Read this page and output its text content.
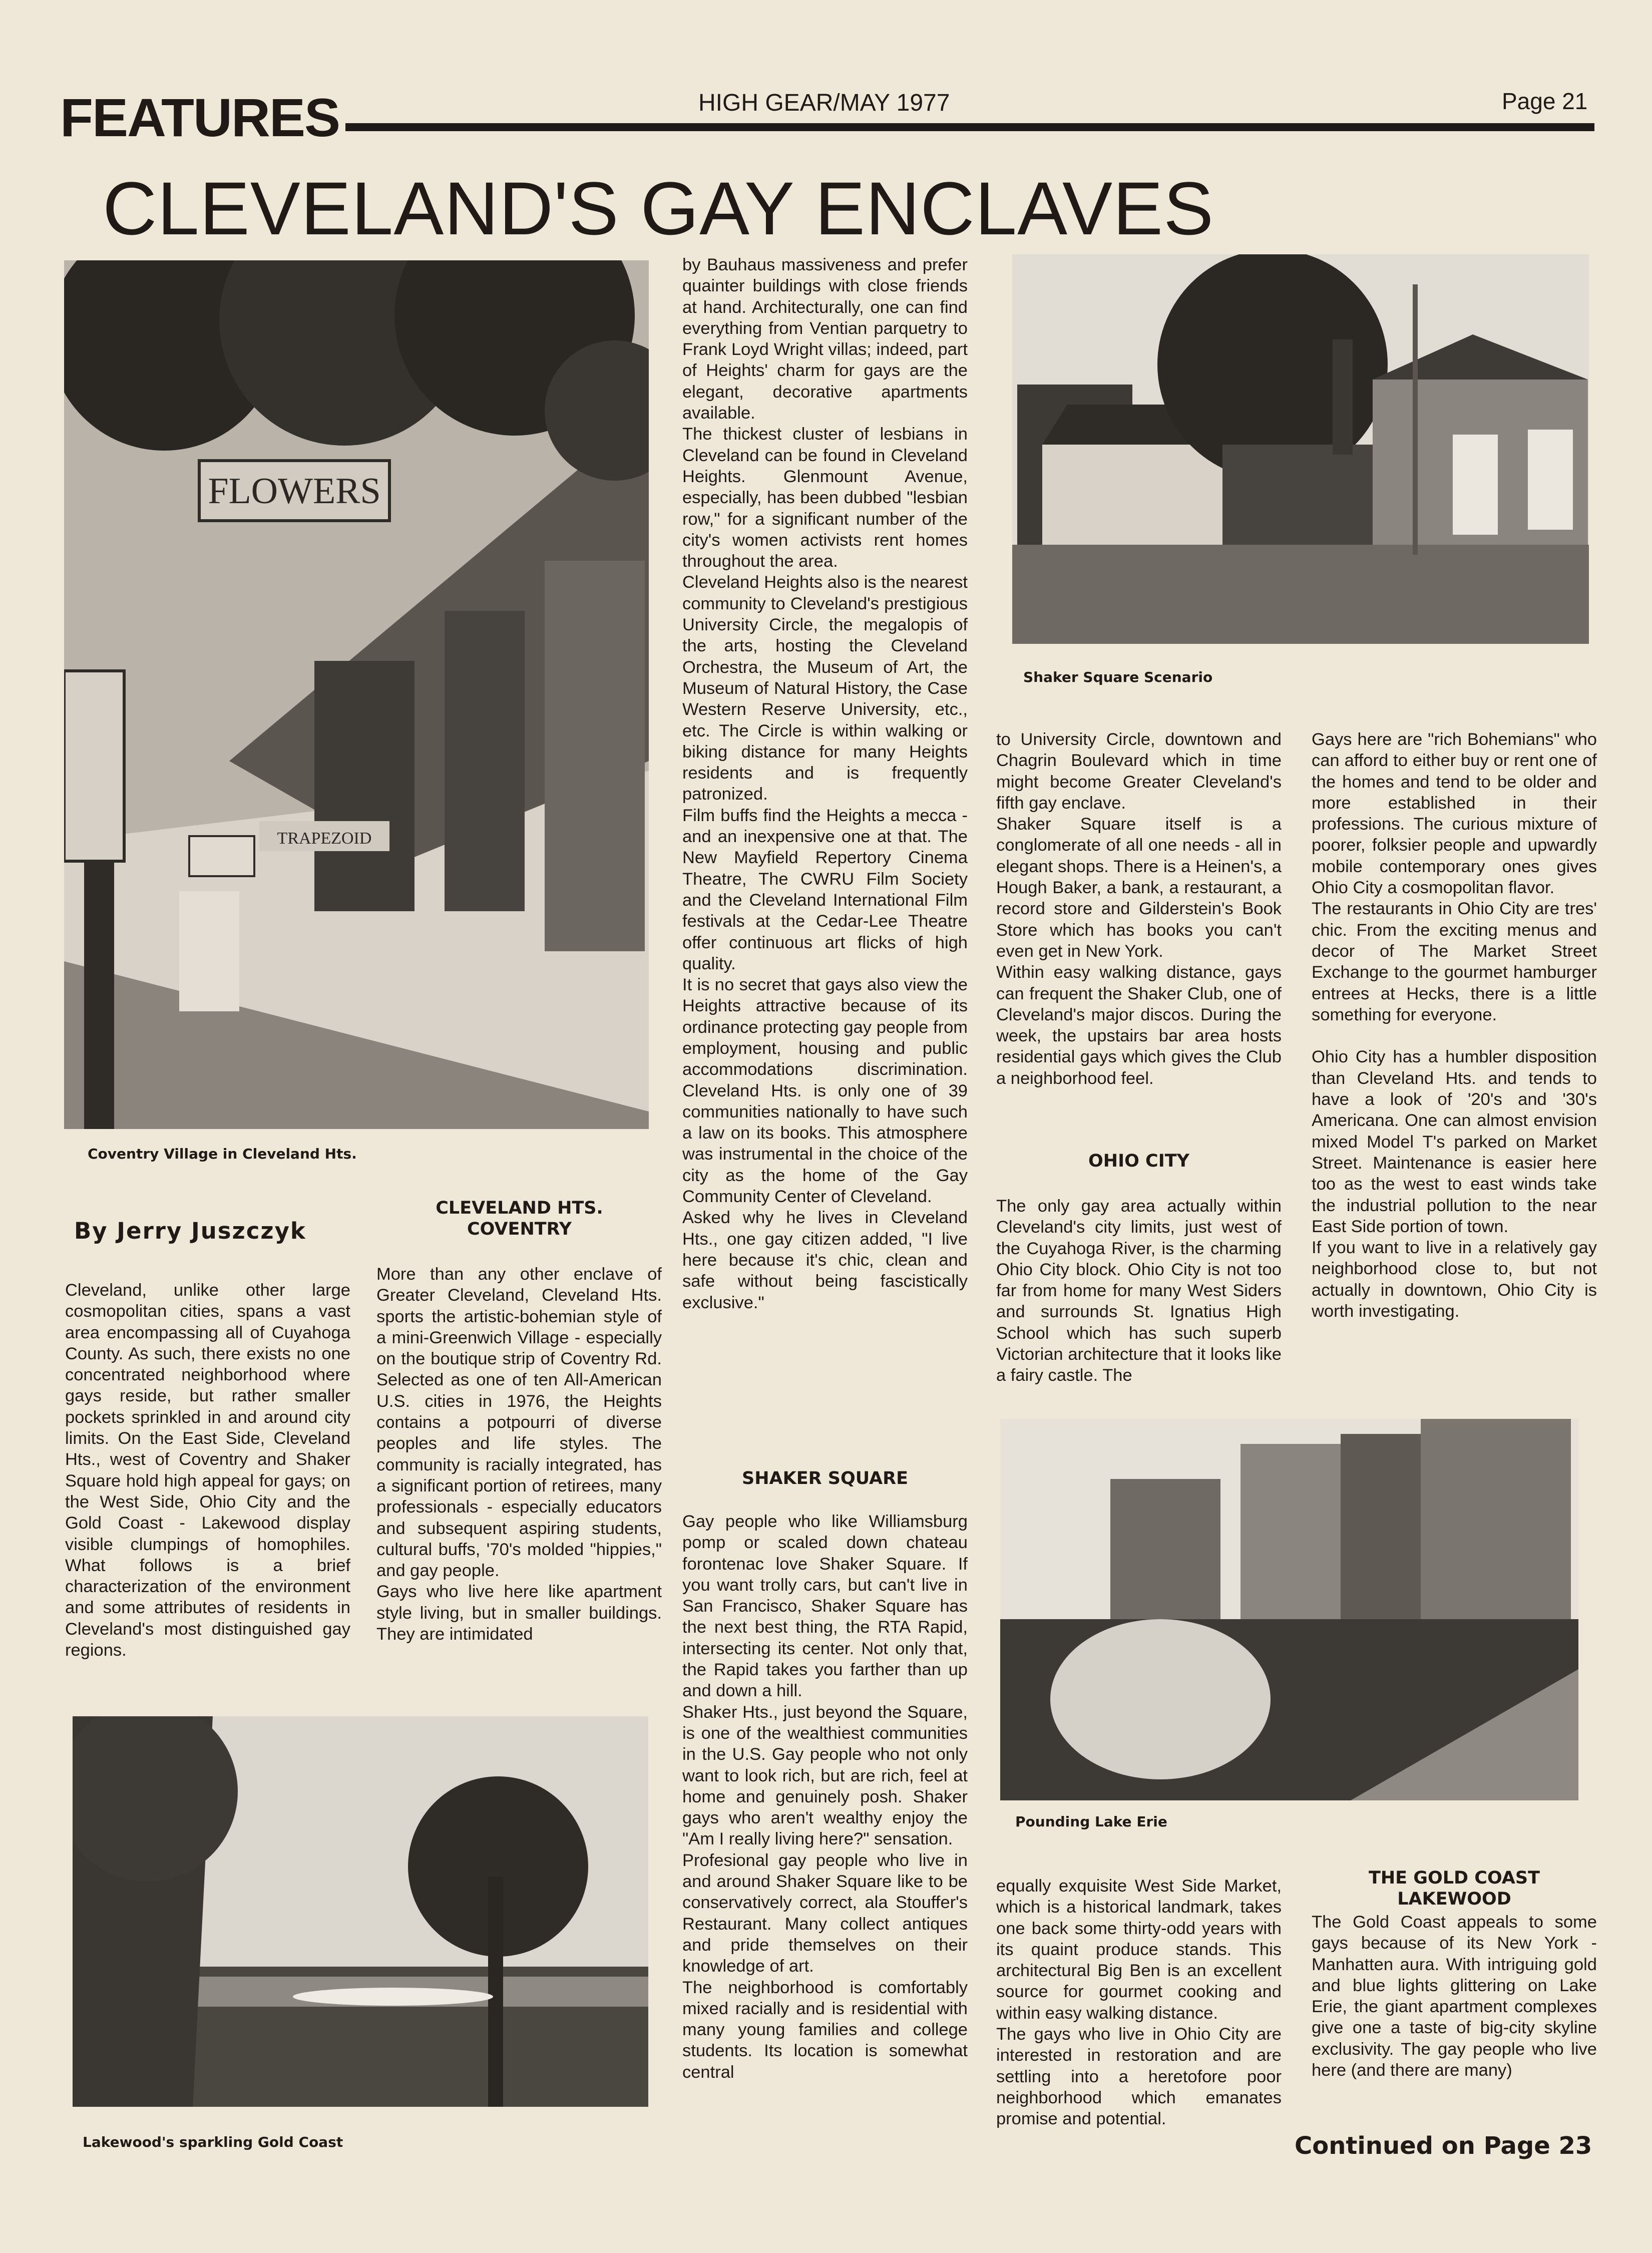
FEATURES	HIGH GEAR/MAY 1977	Page 21
CLEVELAND'S GAY ENCLAVES
FLOWERS
TRAPEZOID
Coventry Village in Cleveland Hts.
By Jerry Juszczyk
Cleveland, unlike other large cosmopolitan cities, spans a vast area encompassing all of Cuyahoga County. As such, there exists no one concentrated neighborhood where gays reside, but rather smaller pockets sprinkled in and around city limits. On the East Side, Cleveland Hts., west of Coventry and Shaker Square hold high appeal for gays; on the West Side, Ohio City and the Gold Coast - Lakewood display visible clumpings of homophiles. What follows is a brief characterization of the environment and some attributes of residents in Cleveland's most distinguished gay regions.
CLEVELAND HTS.
COVENTRY
More than any other enclave of Greater Cleveland, Cleveland Hts. sports the artistic-bohemian style of a mini-Greenwich Village - especially on the boutique strip of Coventry Rd. Selected as one of ten All-American U.S. cities in 1976, the Heights contains a potpourri of diverse peoples and life styles. The community is racially integrated, has a significant portion of retirees, many professionals - especially educators and subsequent aspiring students, cultural buffs, '70's molded "hippies," and gay people.
Gays who live here like apartment style living, but in smaller buildings. They are intimidated
Lakewood's sparkling Gold Coast
by Bauhaus massiveness and prefer quainter buildings with close friends at hand. Architecturally, one can find everything from Ventian parquetry to Frank Loyd Wright villas; indeed, part of Heights' charm for gays are the elegant, decorative apartments available.
The thickest cluster of lesbians in Cleveland can be found in Cleveland Heights. Glenmount Avenue, especially, has been dubbed "lesbian row," for a significant number of the city's women activists rent homes throughout the area.
Cleveland Heights also is the nearest community to Cleveland's prestigious University Circle, the megalopis of the arts, hosting the Cleveland Orchestra, the Museum of Art, the Museum of Natural History, the Case Western Reserve University, etc., etc. The Circle is within walking or biking distance for many Heights residents and is frequently patronized.
Film buffs find the Heights a mecca - and an inexpensive one at that. The New Mayfield Repertory Cinema Theatre, The CWRU Film Society and the Cleveland International Film festivals at the Cedar-Lee Theatre offer continuous art flicks of high quality.
It is no secret that gays also view the Heights attractive because of its ordinance protecting gay people from employment, housing and public accommodations discrimination. Cleveland Hts. is only one of 39 communities nationally to have such a law on its books. This atmosphere was instrumental in the choice of the city as the home of the Gay Community Center of Cleveland.
Asked why he lives in Cleveland Hts., one gay citizen added, "I live here because it's chic, clean and safe without being fascistically exclusive."
SHAKER SQUARE
Gay people who like Williamsburg pomp or scaled down chateau forontenac love Shaker Square. If you want trolly cars, but can't live in San Francisco, Shaker Square has the next best thing, the RTA Rapid, intersecting its center. Not only that, the Rapid takes you farther than up and down a hill.
Shaker Hts., just beyond the Square, is one of the wealthiest communities in the U.S. Gay people who not only want to look rich, but are rich, feel at home and genuinely posh. Shaker gays who aren't wealthy enjoy the "Am I really living here?" sensation.
Profesional gay people who live in and around Shaker Square like to be conservatively correct, ala Stouffer's Restaurant. Many collect antiques and pride themselves on their knowledge of art.
The neighborhood is comfortably mixed racially and is residential with many young families and college students. Its location is somewhat central
Shaker Square Scenario
to University Circle, downtown and Chagrin Boulevard which in time might become Greater Cleveland's fifth gay enclave.
Shaker Square itself is a conglomerate of all one needs - all in elegant shops. There is a Heinen's, a Hough Baker, a bank, a restaurant, a record store and Gilderstein's Book Store which has books you can't even get in New York.
Within easy walking distance, gays can frequent the Shaker Club, one of Cleveland's major discos. During the week, the upstairs bar area hosts residential gays which gives the Club a neighborhood feel.
OHIO CITY
The only gay area actually within Cleveland's city limits, just west of the Cuyahoga River, is the charming Ohio City block. Ohio City is not too far from home for many West Siders and surrounds St. Ignatius High School which has such superb Victorian architecture that it looks like a fairy castle. The
Pounding Lake Erie
equally exquisite West Side Market, which is a historical landmark, takes one back some thirty-odd years with its quaint produce stands. This architectural Big Ben is an excellent source for gourmet cooking and within easy walking distance.
The gays who live in Ohio City are interested in restoration and are settling into a heretofore poor neighborhood which emanates promise and potential.
Gays here are "rich Bohemians" who can afford to either buy or rent one of the homes and tend to be older and more established in their professions. The curious mixture of poorer, folksier people and upwardly mobile contemporary ones gives Ohio City a cosmopolitan flavor.
The restaurants in Ohio City are tres' chic. From the exciting menus and decor of The Market Street Exchange to the gourmet hamburger entrees at Hecks, there is a little something for everyone.

Ohio City has a humbler disposition than Cleveland Hts. and tends to have a look of '20's and '30's Americana. One can almost envision mixed Model T's parked on Market Street. Maintenance is easier here too as the west to east winds take the industrial pollution to the near East Side portion of town.
If you want to live in a relatively gay neighborhood close to, but not actually in downtown, Ohio City is worth investigating.
THE GOLD COAST
LAKEWOOD
The Gold Coast appeals to some gays because of its New York - Manhatten aura. With intriguing gold and blue lights glittering on Lake Erie, the giant apartment complexes give one a taste of big-city skyline exclusivity. The gay people who live here (and there are many)
Continued on Page 23
